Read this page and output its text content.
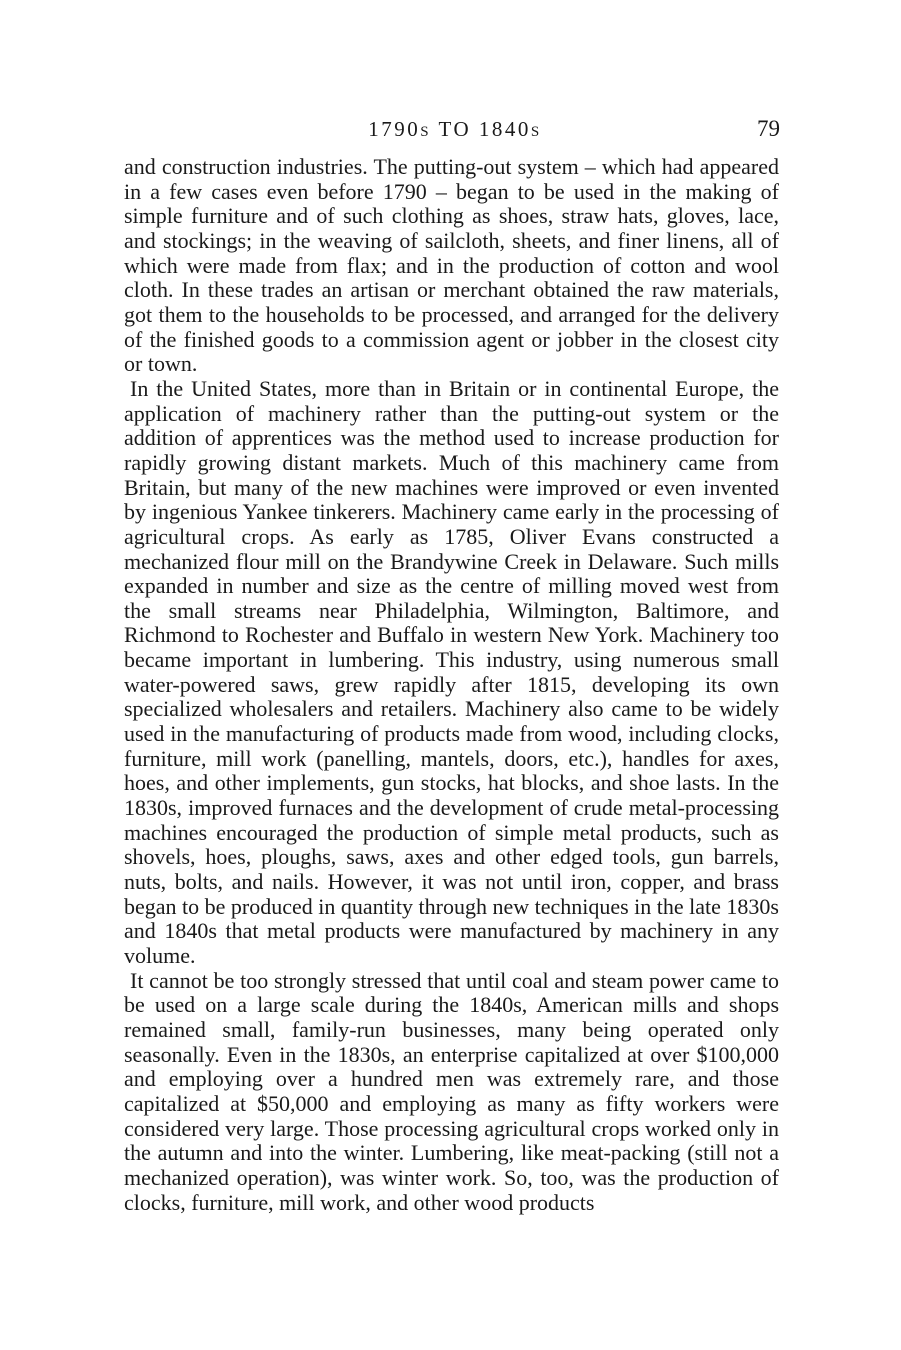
1790s TO 1840s	79

and construction industries. The putting-out system – which had appeared in a few cases even before 1790 – began to be used in the making of simple furniture and of such clothing as shoes, straw hats, gloves, lace, and stockings; in the weaving of sailcloth, sheets, and finer linens, all of which were made from flax; and in the production of cotton and wool cloth. In these trades an artisan or merchant obtained the raw materials, got them to the households to be processed, and arranged for the delivery of the finished goods to a commission agent or jobber in the closest city or town.

In the United States, more than in Britain or in continental Europe, the application of machinery rather than the putting-out system or the addition of apprentices was the method used to increase production for rapidly growing distant markets. Much of this machinery came from Britain, but many of the new machines were improved or even invented by ingenious Yankee tinkerers. Machinery came early in the processing of agricultural crops. As early as 1785, Oliver Evans constructed a mechanized flour mill on the Brandywine Creek in Delaware. Such mills expanded in number and size as the centre of milling moved west from the small streams near Philadelphia, Wilmington, Baltimore, and Richmond to Rochester and Buffalo in western New York. Machinery too became important in lumbering. This industry, using numerous small water-powered saws, grew rapidly after 1815, developing its own specialized wholesalers and retailers. Machinery also came to be widely used in the manufacturing of products made from wood, including clocks, furniture, mill work (panelling, mantels, doors, etc.), handles for axes, hoes, and other implements, gun stocks, hat blocks, and shoe lasts. In the 1830s, improved furnaces and the development of crude metal-processing machines encouraged the production of simple metal products, such as shovels, hoes, ploughs, saws, axes and other edged tools, gun barrels, nuts, bolts, and nails. However, it was not until iron, copper, and brass began to be produced in quantity through new techniques in the late 1830s and 1840s that metal products were manufactured by machinery in any volume.

It cannot be too strongly stressed that until coal and steam power came to be used on a large scale during the 1840s, American mills and shops remained small, family-run businesses, many being operated only seasonally. Even in the 1830s, an enterprise capitalized at over $100,000 and employing over a hundred men was extremely rare, and those capitalized at $50,000 and employing as many as fifty workers were considered very large. Those processing agricultural crops worked only in the autumn and into the winter. Lumbering, like meat-packing (still not a mechanized operation), was winter work. So, too, was the production of clocks, furniture, mill work, and other wood products
